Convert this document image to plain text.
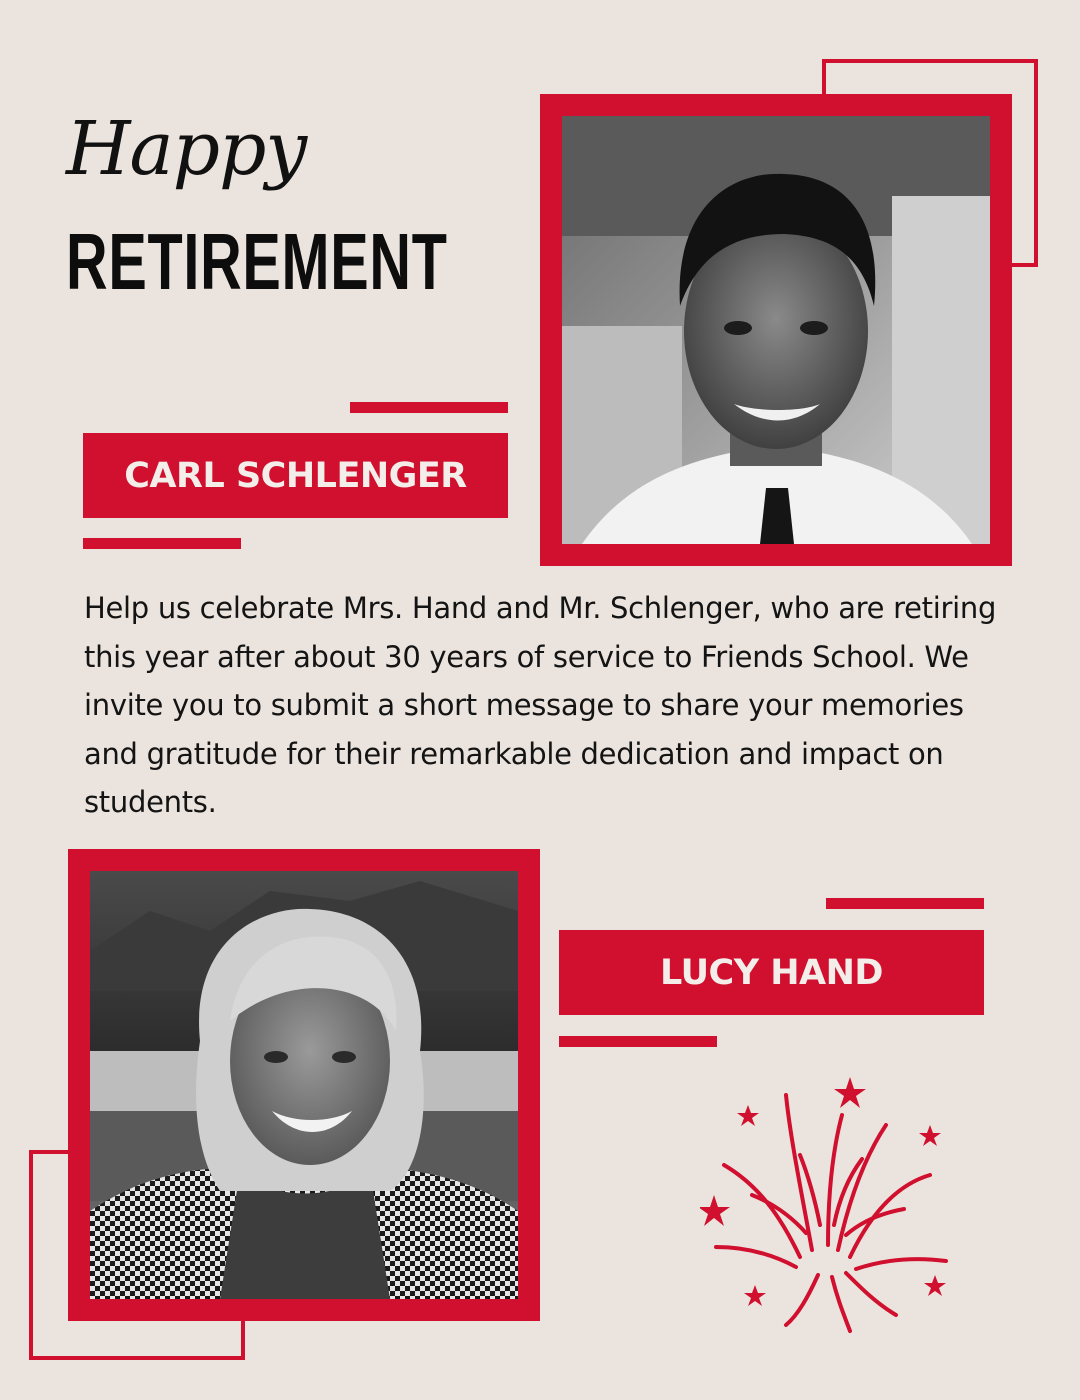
Happy
RETIREMENT
CARL SCHLENGER
Help us celebrate Mrs. Hand and Mr. Schlenger, who are retiring this year after about 30 years of service to Friends School. We invite you to submit a short message to share your memories and gratitude for their remarkable dedication and impact on students.
LUCY HAND
